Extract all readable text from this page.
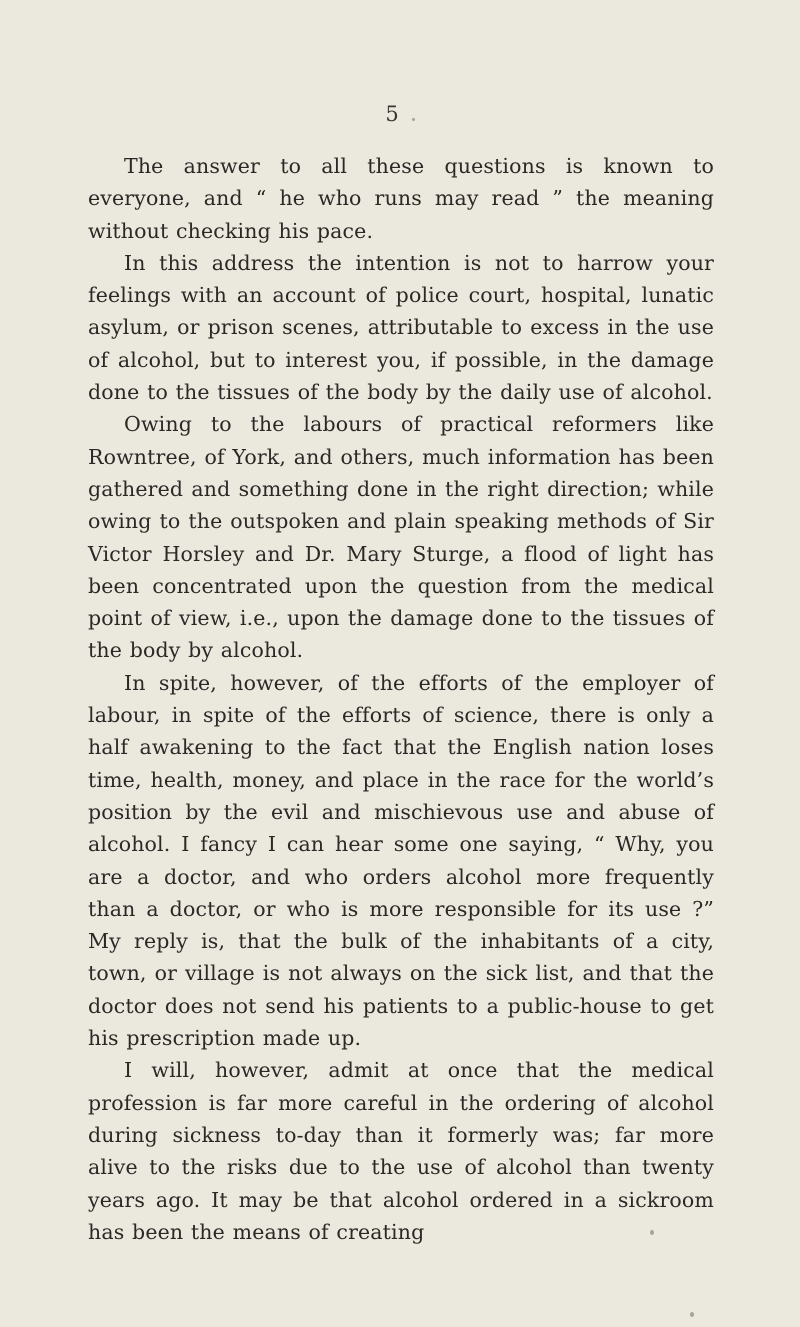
5

The answer to all these questions is known to everyone, and “ he who runs may read ” the meaning without checking his pace.

In this address the intention is not to harrow your feelings with an account of police court, hospital, lunatic asylum, or prison scenes, attributable to excess in the use of alcohol, but to interest you, if possible, in the damage done to the tissues of the body by the daily use of alcohol.

Owing to the labours of practical reformers like Rowntree, of York, and others, much information has been gathered and something done in the right direction; while owing to the outspoken and plain speaking methods of Sir Victor Horsley and Dr. Mary Sturge, a flood of light has been concentrated upon the question from the medical point of view, i.e., upon the damage done to the tissues of the body by alcohol.

In spite, however, of the efforts of the employer of labour, in spite of the efforts of science, there is only a half awakening to the fact that the English nation loses time, health, money, and place in the race for the world’s position by the evil and mischievous use and abuse of alcohol. I fancy I can hear some one saying, “ Why, you are a doctor, and who orders alcohol more frequently than a doctor, or who is more responsible for its use ?” My reply is, that the bulk of the inhabitants of a city, town, or village is not always on the sick list, and that the doctor does not send his patients to a public-house to get his prescription made up.

I will, however, admit at once that the medical profession is far more careful in the ordering of alcohol during sickness to-day than it formerly was; far more alive to the risks due to the use of alcohol than twenty years ago. It may be that alcohol ordered in a sickroom has been the means of creating
